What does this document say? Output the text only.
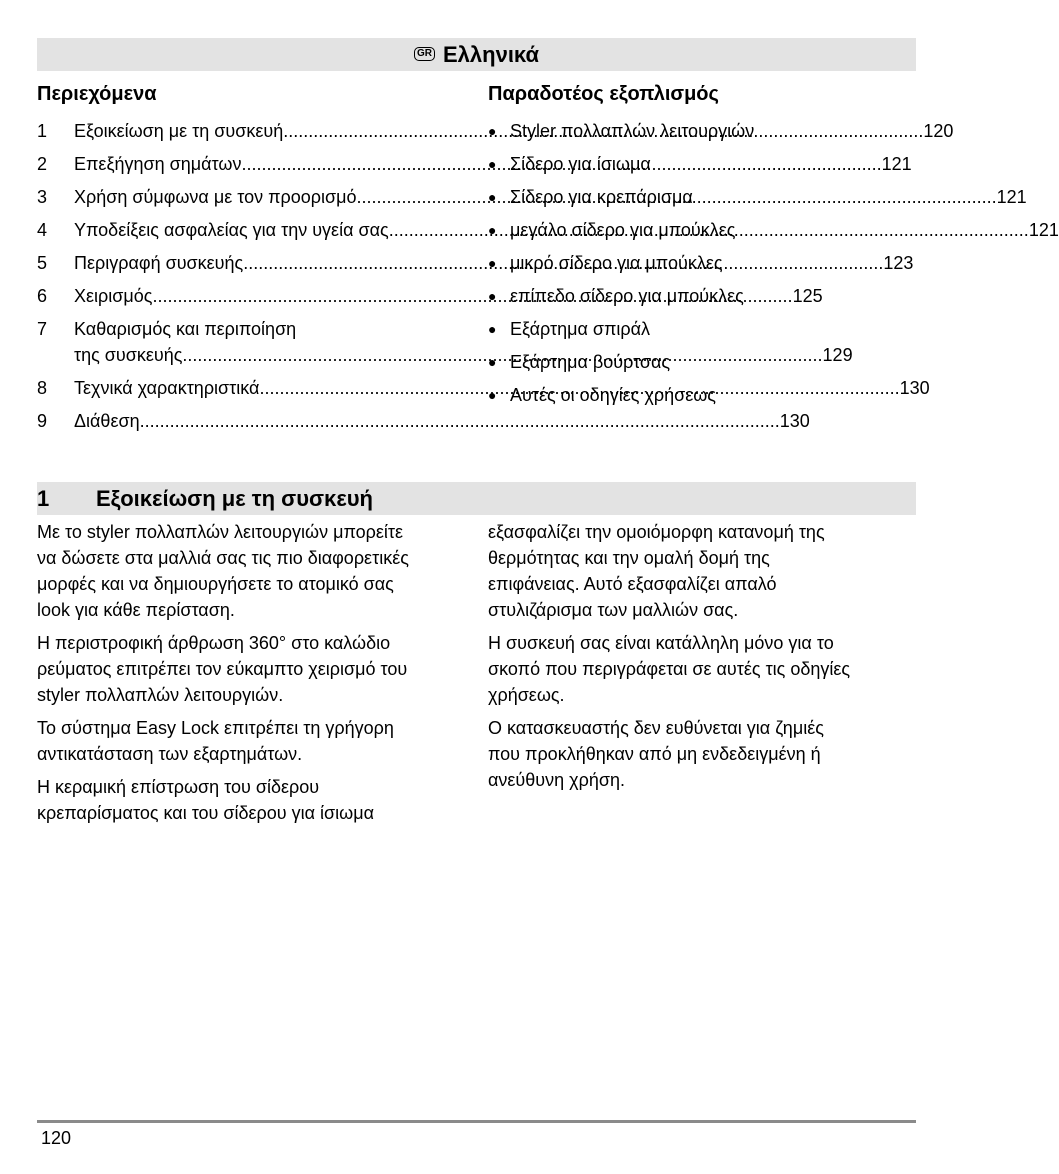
GR Ελληνικά
Περιεχόμενα
1	Εξοικείωση με τη συσκευή .....	120
2	Επεξήγηση σημάτων .....	121
3	Χρήση σύμφωνα με τον προορισμό .....	121
4	Υποδείξεις ασφαλείας για την υγεία σας .....	121
5	Περιγραφή συσκευής .....	123
6	Χειρισμός .....	125
7	Καθαρισμός και περιποίηση
της συσκευής .....	129
8	Τεχνικά χαρακτηριστικά .....	130
9	Διάθεση .....	130
Παραδοτέος εξοπλισμός
● Styler πολλαπλών λειτουργιών
● Σίδερο για ίσιωμα
● Σίδερο για κρεπάρισμα
● μεγάλο σίδερο για μπούκλες
● μικρό σίδερο για μπούκλες
● επίπεδο σίδερο για μπούκλες
● Εξάρτημα σπιράλ
● Εξάρτημα βούρτσας
● Αυτές οι οδηγίες χρήσεως
1	Εξοικείωση με τη συσκευή

Με το styler πολλαπλών λειτουργιών μπορείτε
να δώσετε στα μαλλιά σας τις πιο διαφορετικές
μορφές και να δημιουργήσετε το ατομικό σας
look για κάθε περίσταση.

Η περιστροφική άρθρωση 360° στο καλώδιο
ρεύματος επιτρέπει τον εύκαμπτο χειρισμό του
styler πολλαπλών λειτουργιών.

Το σύστημα Easy Lock επιτρέπει τη γρήγορη
αντικατάσταση των εξαρτημάτων.

Η κεραμική επίστρωση του σίδερου
κρεπαρίσματος και του σίδερου για ίσιωμα

εξασφαλίζει την ομοιόμορφη κατανομή της
θερμότητας και την ομαλή δομή της
επιφάνειας. Αυτό εξασφαλίζει απαλό
στυλιζάρισμα των μαλλιών σας.

Η συσκευή σας είναι κατάλληλη μόνο για το
σκοπό που περιγράφεται σε αυτές τις οδηγίες
χρήσεως.

Ο κατασκευαστής δεν ευθύνεται για ζημιές
που προκλήθηκαν από μη ενδεδειγμένη ή
ανεύθυνη χρήση.

120
